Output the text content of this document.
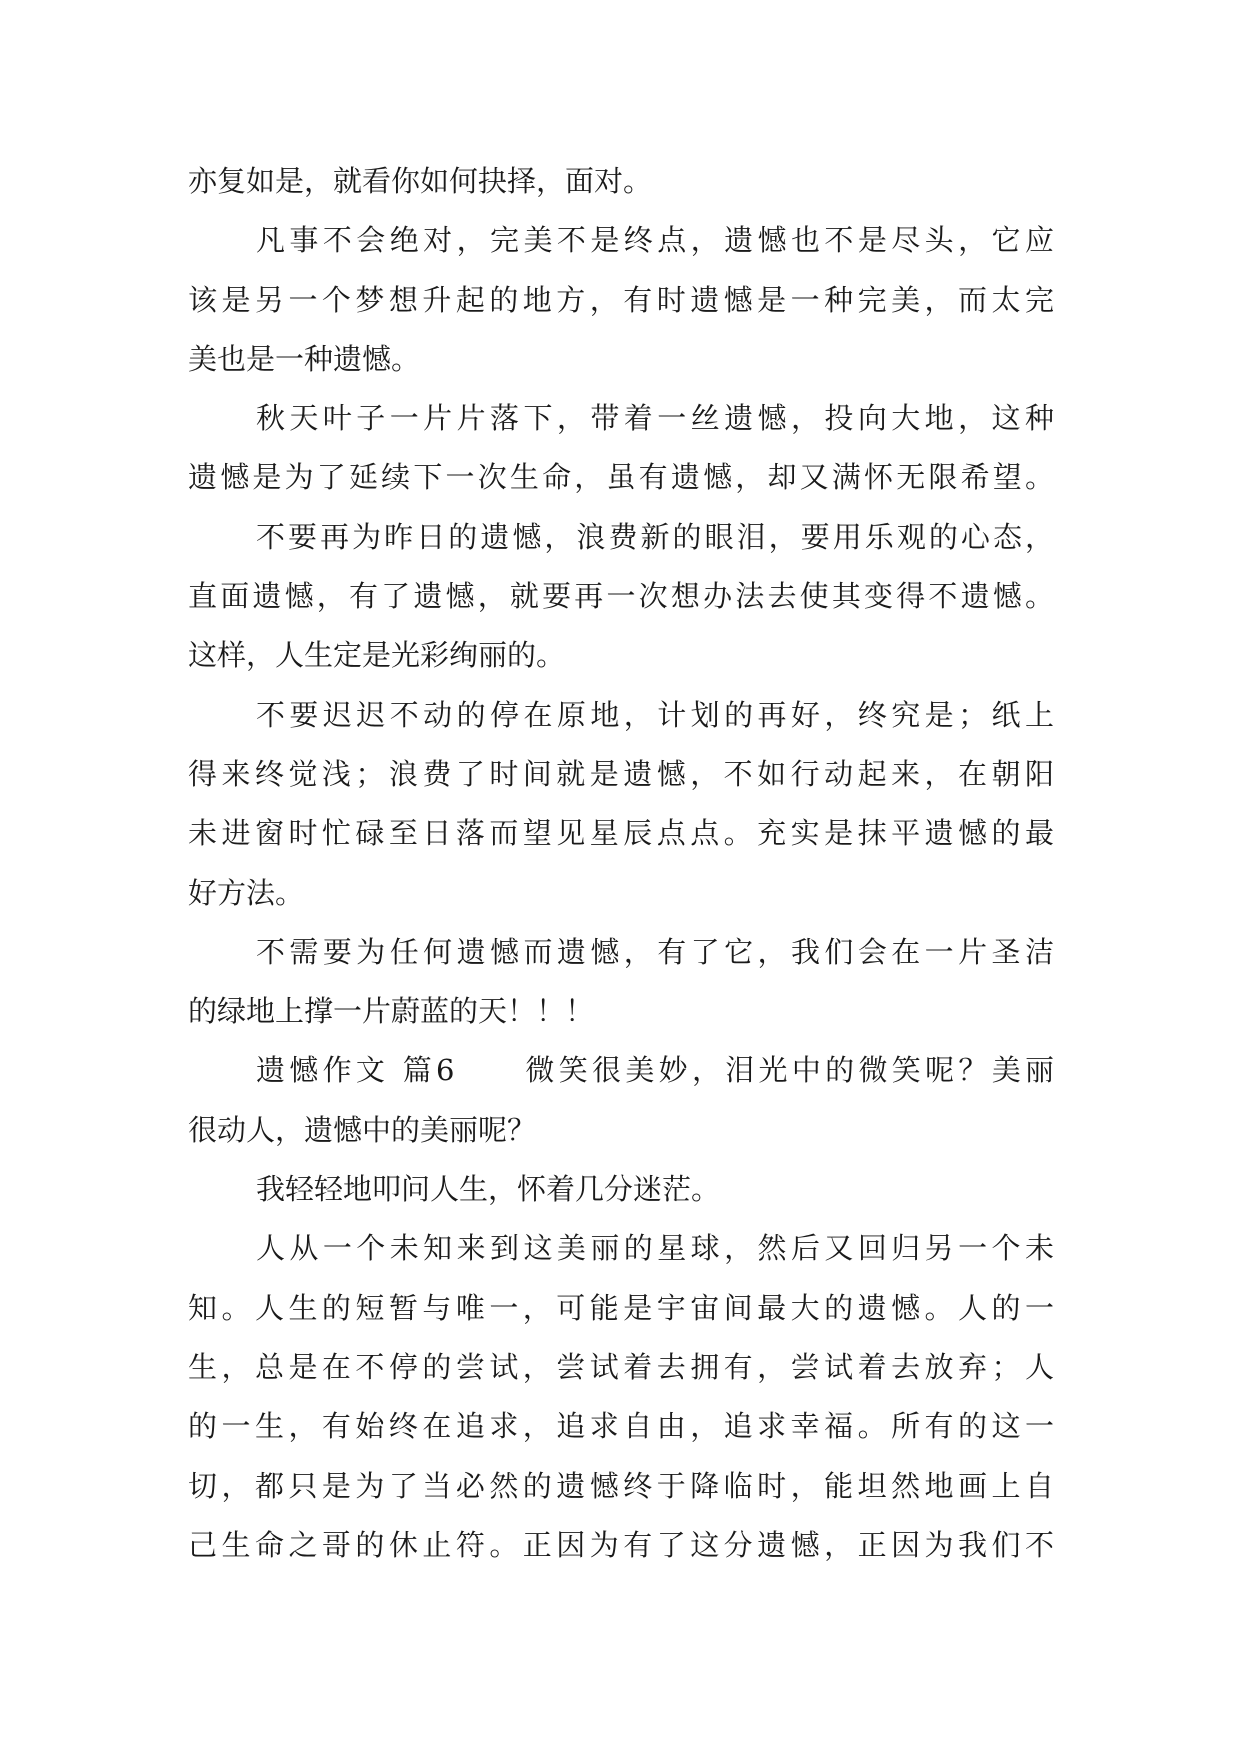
亦复如是，就看你如何抉择，面对。
凡事不会绝对，完美不是终点，遗憾也不是尽头，它应
该是另一个梦想升起的地方，有时遗憾是一种完美，而太完
美也是一种遗憾。
秋天叶子一片片落下，带着一丝遗憾，投向大地，这种
遗憾是为了延续下一次生命，虽有遗憾，却又满怀无限希望。
不要再为昨日的遗憾，浪费新的眼泪，要用乐观的心态，
直面遗憾，有了遗憾，就要再一次想办法去使其变得不遗憾。
这样，人生定是光彩绚丽的。
不要迟迟不动的停在原地，计划的再好，终究是；纸上
得来终觉浅；浪费了时间就是遗憾，不如行动起来，在朝阳
未进窗时忙碌至日落而望见星辰点点。充实是抹平遗憾的最
好方法。
不需要为任何遗憾而遗憾，有了它，我们会在一片圣洁
的绿地上撑一片蔚蓝的天！！！
遗憾作文 篇6　　微笑很美妙，泪光中的微笑呢？美丽
很动人，遗憾中的美丽呢？
我轻轻地叩问人生，怀着几分迷茫。
人从一个未知来到这美丽的星球，然后又回归另一个未
知。人生的短暂与唯一，可能是宇宙间最大的遗憾。人的一
生，总是在不停的尝试，尝试着去拥有，尝试着去放弃；人
的一生，有始终在追求，追求自由，追求幸福。所有的这一
切，都只是为了当必然的遗憾终于降临时，能坦然地画上自
己生命之哥的休止符。正因为有了这分遗憾，正因为我们不
